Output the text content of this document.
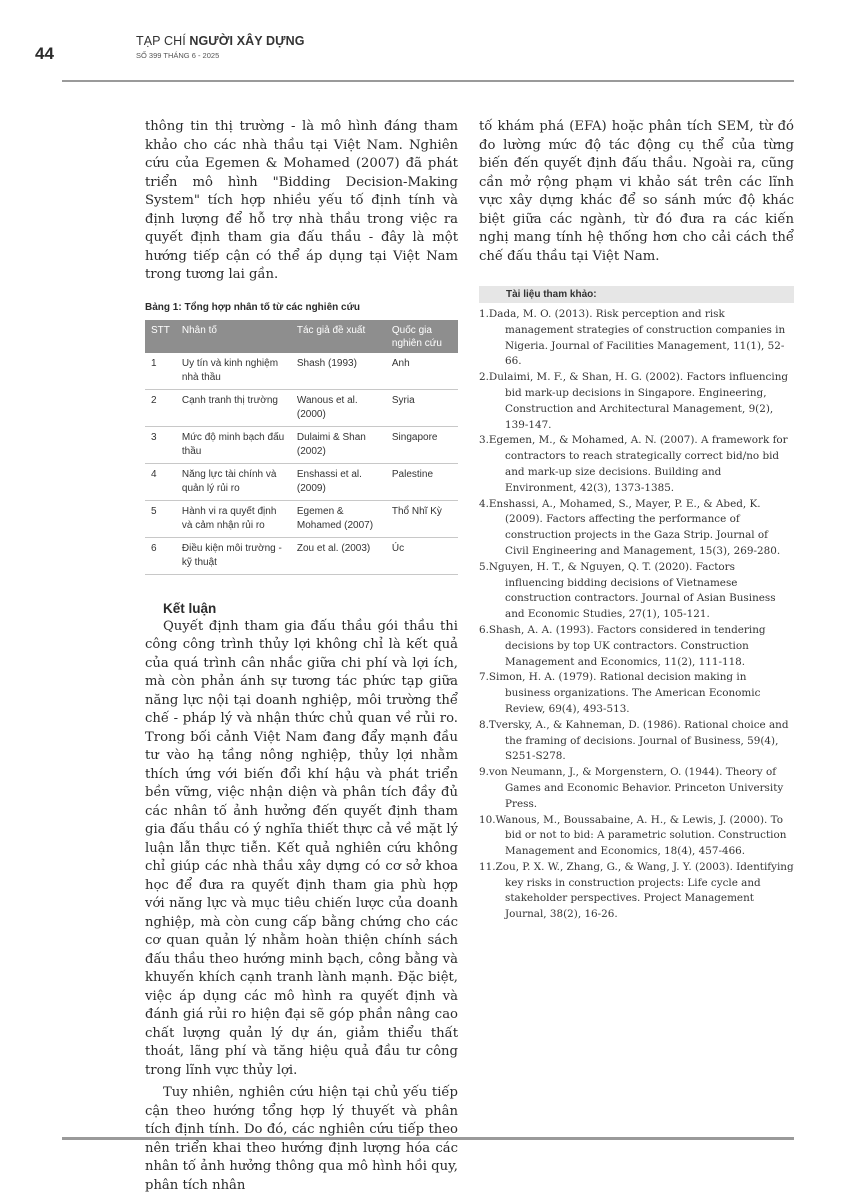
44
TẠP CHÍ NGƯỜI XÂY DỰNG
SỐ 399 THÁNG 6 - 2025

thông tin thị trường - là mô hình đáng tham khảo cho các nhà thầu tại Việt Nam. Nghiên cứu của Egemen & Mohamed (2007) đã phát triển mô hình "Bidding Decision-Making System" tích hợp nhiều yếu tố định tính và định lượng để hỗ trợ nhà thầu trong việc ra quyết định tham gia đấu thầu - đây là một hướng tiếp cận có thể áp dụng tại Việt Nam trong tương lai gần.

Bảng 1: Tổng hợp nhân tố từ các nghiên cứu
STT	Nhân tố	Tác giả đề xuất	Quốc gia nghiên cứu
1	Uy tín và kinh nghiệm nhà thầu	Shash (1993)	Anh
2	Cạnh tranh thị trường	Wanous et al. (2000)	Syria
3	Mức độ minh bạch đấu thầu	Dulaimi & Shan (2002)	Singapore
4	Năng lực tài chính và quản lý rủi ro	Enshassi et al. (2009)	Palestine
5	Hành vi ra quyết định và cảm nhận rủi ro	Egemen & Mohamed (2007)	Thổ Nhĩ Kỳ
6	Điều kiện môi trường - kỹ thuật	Zou et al. (2003)	Úc
Kết luận

Quyết định tham gia đấu thầu gói thầu thi công công trình thủy lợi không chỉ là kết quả của quá trình cân nhắc giữa chi phí và lợi ích, mà còn phản ánh sự tương tác phức tạp giữa năng lực nội tại doanh nghiệp, môi trường thể chế - pháp lý và nhận thức chủ quan về rủi ro. Trong bối cảnh Việt Nam đang đẩy mạnh đầu tư vào hạ tầng nông nghiệp, thủy lợi nhằm thích ứng với biến đổi khí hậu và phát triển bền vững, việc nhận diện và phân tích đầy đủ các nhân tố ảnh hưởng đến quyết định tham gia đấu thầu có ý nghĩa thiết thực cả về mặt lý luận lẫn thực tiễn. Kết quả nghiên cứu không chỉ giúp các nhà thầu xây dựng có cơ sở khoa học để đưa ra quyết định tham gia phù hợp với năng lực và mục tiêu chiến lược của doanh nghiệp, mà còn cung cấp bằng chứng cho các cơ quan quản lý nhằm hoàn thiện chính sách đấu thầu theo hướng minh bạch, công bằng và khuyến khích cạnh tranh lành mạnh. Đặc biệt, việc áp dụng các mô hình ra quyết định và đánh giá rủi ro hiện đại sẽ góp phần nâng cao chất lượng quản lý dự án, giảm thiểu thất thoát, lãng phí và tăng hiệu quả đầu tư công trong lĩnh vực thủy lợi.

Tuy nhiên, nghiên cứu hiện tại chủ yếu tiếp cận theo hướng tổng hợp lý thuyết và phân tích định tính. Do đó, các nghiên cứu tiếp theo nên triển khai theo hướng định lượng hóa các nhân tố ảnh hưởng thông qua mô hình hồi quy, phân tích nhân

tố khám phá (EFA) hoặc phân tích SEM, từ đó đo lường mức độ tác động cụ thể của từng biến đến quyết định đấu thầu. Ngoài ra, cũng cần mở rộng phạm vi khảo sát trên các lĩnh vực xây dựng khác để so sánh mức độ khác biệt giữa các ngành, từ đó đưa ra các kiến nghị mang tính hệ thống hơn cho cải cách thể chế đấu thầu tại Việt Nam.

Tài liệu tham khảo:

1.Dada, M. O. (2013). Risk perception and risk management strategies of construction companies in Nigeria. Journal of Facilities Management, 11(1), 52-66.

2.Dulaimi, M. F., & Shan, H. G. (2002). Factors influencing bid mark-up decisions in Singapore. Engineering, Construction and Architectural Management, 9(2), 139-147.

3.Egemen, M., & Mohamed, A. N. (2007). A framework for contractors to reach strategically correct bid/no bid and mark-up size decisions. Building and Environment, 42(3), 1373-1385.

4.Enshassi, A., Mohamed, S., Mayer, P. E., & Abed, K. (2009). Factors affecting the performance of construction projects in the Gaza Strip. Journal of Civil Engineering and Management, 15(3), 269-280.

5.Nguyen, H. T., & Nguyen, Q. T. (2020). Factors influencing bidding decisions of Vietnamese construction contractors. Journal of Asian Business and Economic Studies, 27(1), 105-121.

6.Shash, A. A. (1993). Factors considered in tendering decisions by top UK contractors. Construction Management and Economics, 11(2), 111-118.

7.Simon, H. A. (1979). Rational decision making in business organizations. The American Economic Review, 69(4), 493-513.

8.Tversky, A., & Kahneman, D. (1986). Rational choice and the framing of decisions. Journal of Business, 59(4), S251-S278.

9.von Neumann, J., & Morgenstern, O. (1944). Theory of Games and Economic Behavior. Princeton University Press.

10.Wanous, M., Boussabaine, A. H., & Lewis, J. (2000). To bid or not to bid: A parametric solution. Construction Management and Economics, 18(4), 457-466.

11.Zou, P. X. W., Zhang, G., & Wang, J. Y. (2003). Identifying key risks in construction projects: Life cycle and stakeholder perspectives. Project Management Journal, 38(2), 16-26.
